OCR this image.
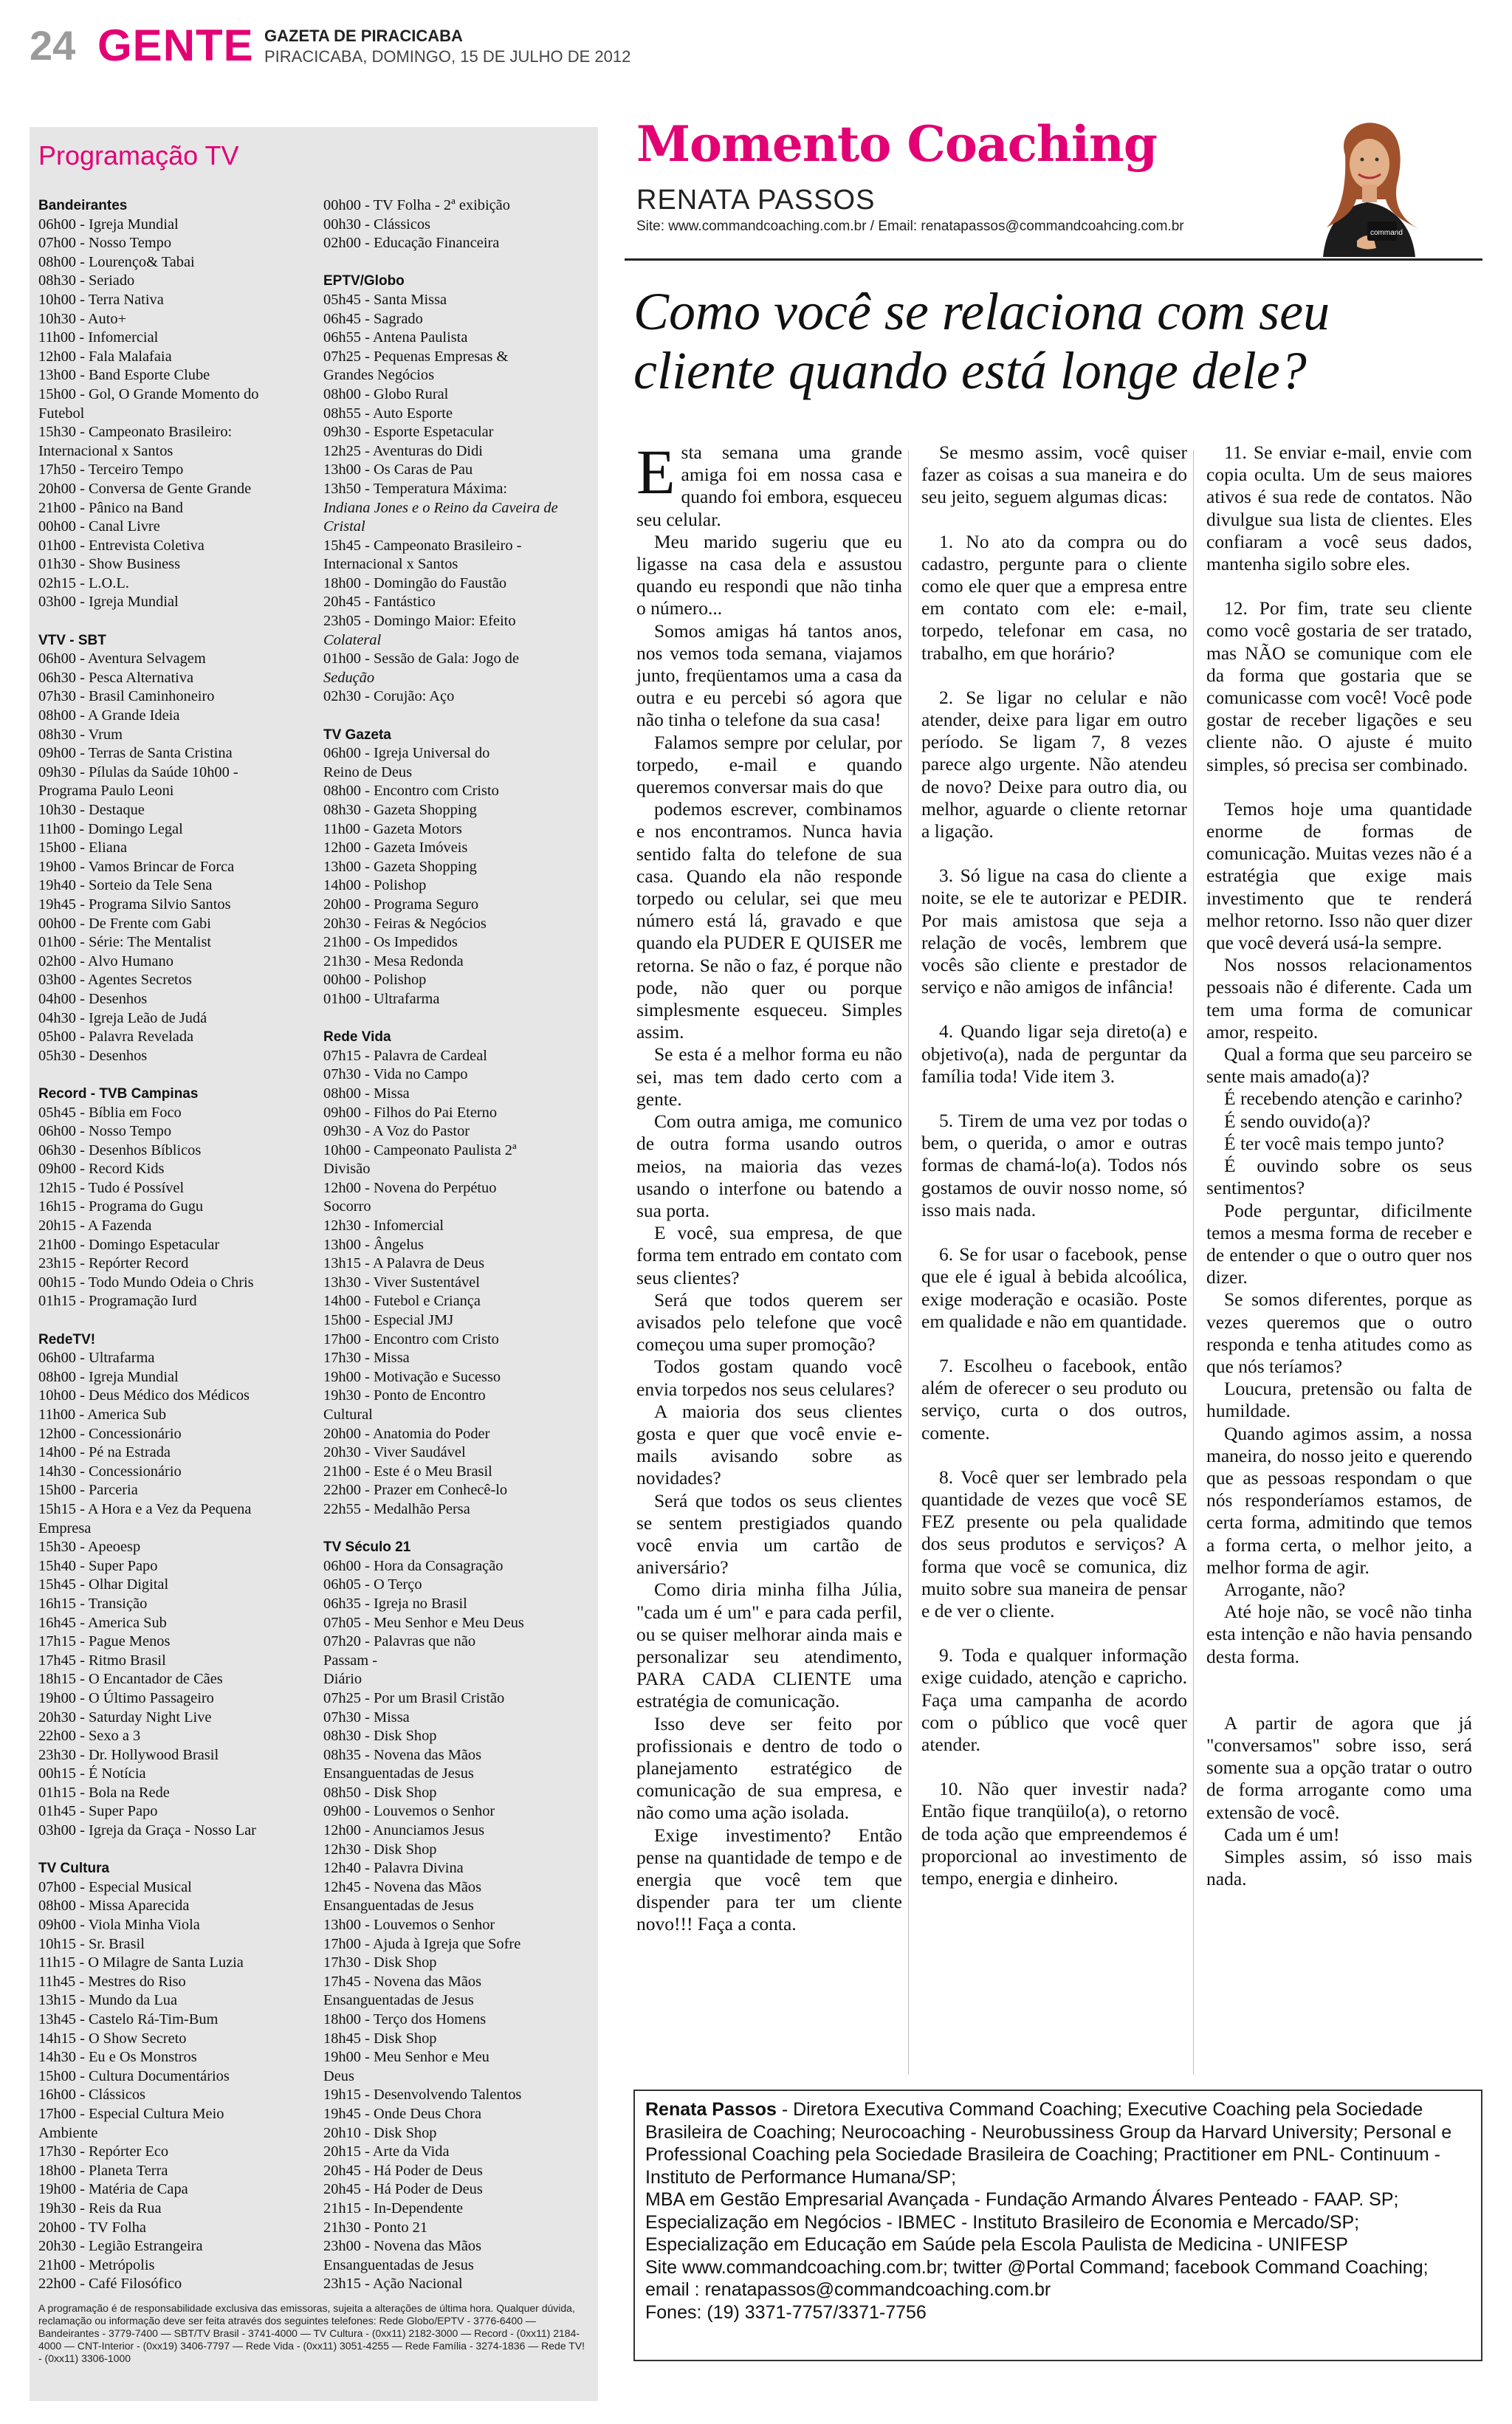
24 GENTE GAZETA DE PIRACICABA
PIRACICABA, DOMINGO, 15 DE JULHO DE 2012
Programação TV
Bandeirantes
06h00 - Igreja Mundial
07h00 - Nosso Tempo
08h00 - Lourenço& Tabai
08h30 - Seriado
10h00 - Terra Nativa
10h30 - Auto+
11h00 - Infomercial
12h00 - Fala Malafaia
13h00 - Band Esporte Clube
15h00 - Gol, O Grande Momento do
Futebol
15h30 - Campeonato Brasileiro:
Internacional x Santos
17h50 - Terceiro Tempo
20h00 - Conversa de Gente Grande
21h00 - Pânico na Band
00h00 - Canal Livre
01h00 - Entrevista Coletiva
01h30 - Show Business
02h15 - L.O.L.
03h00 - Igreja Mundial
VTV - SBT
06h00 - Aventura Selvagem
06h30 - Pesca Alternativa
07h30 - Brasil Caminhoneiro
08h00 - A Grande Ideia
08h30 - Vrum
09h00 - Terras de Santa Cristina
09h30 - Pílulas da Saúde 10h00 -
Programa Paulo Leoni
10h30 - Destaque
11h00 - Domingo Legal
15h00 - Eliana
19h00 - Vamos Brincar de Forca
19h40 - Sorteio da Tele Sena
19h45 - Programa Silvio Santos
00h00 - De Frente com Gabi
01h00 - Série: The Mentalist
02h00 - Alvo Humano
03h00 - Agentes Secretos
04h00 - Desenhos
04h30 - Igreja Leão de Judá
05h00 - Palavra Revelada
05h30 - Desenhos
Record - TVB Campinas
05h45 - Bíblia em Foco
06h00 - Nosso Tempo
06h30 - Desenhos Bíblicos
09h00 - Record Kids
12h15 - Tudo é Possível
16h15 - Programa do Gugu
20h15 - A Fazenda
21h00 - Domingo Espetacular
23h15 - Repórter Record
00h15 - Todo Mundo Odeia o Chris
01h15 - Programação Iurd
RedeTV!
06h00 - Ultrafarma
08h00 - Igreja Mundial
10h00 - Deus Médico dos Médicos
11h00 - America Sub
12h00 - Concessionário
14h00 - Pé na Estrada
14h30 - Concessionário
15h00 - Parceria
15h15 - A Hora e a Vez da Pequena
Empresa
15h30 - Apeoesp
15h40 - Super Papo
15h45 - Olhar Digital
16h15 - Transição
16h45 - America Sub
17h15 - Pague Menos
17h45 - Ritmo Brasil
18h15 - O Encantador de Cães
19h00 - O Último Passageiro
20h30 - Saturday Night Live
22h00 - Sexo a 3
23h30 - Dr. Hollywood Brasil
00h15 - É Notícia
01h15 - Bola na Rede
01h45 - Super Papo
03h00 - Igreja da Graça - Nosso Lar
TV Cultura
07h00 - Especial Musical
08h00 - Missa Aparecida
09h00 - Viola Minha Viola
10h15 - Sr. Brasil
11h15 - O Milagre de Santa Luzia
11h45 - Mestres do Riso
13h15 - Mundo da Lua
13h45 - Castelo Rá-Tim-Bum
14h15 - O Show Secreto
14h30 - Eu e Os Monstros
15h00 - Cultura Documentários
16h00 - Clássicos
17h00 - Especial Cultura Meio
Ambiente
17h30 - Repórter Eco
18h00 - Planeta Terra
19h00 - Matéria de Capa
19h30 - Reis da Rua
20h00 - TV Folha
20h30 - Legião Estrangeira
21h00 - Metrópolis
22h00 - Café Filosófico
00h00 - TV Folha - 2ª exibição
00h30 - Clássicos
02h00 - Educação Financeira
EPTV/Globo
05h45 - Santa Missa
06h45 - Sagrado
06h55 - Antena Paulista
07h25 - Pequenas Empresas &
Grandes Negócios
08h00 - Globo Rural
08h55 - Auto Esporte
09h30 - Esporte Espetacular
12h25 - Aventuras do Didi
13h00 - Os Caras de Pau
13h50 - Temperatura Máxima:
Indiana Jones e o Reino da Caveira de
Cristal
15h45 - Campeonato Brasileiro -
Internacional x Santos
18h00 - Domingão do Faustão
20h45 - Fantástico
23h05 - Domingo Maior: Efeito
Colateral
01h00 - Sessão de Gala: Jogo de
Sedução
02h30 - Corujão: Aço
TV Gazeta
06h00 - Igreja Universal do
Reino de Deus
08h00 - Encontro com Cristo
08h30 - Gazeta Shopping
11h00 - Gazeta Motors
12h00 - Gazeta Imóveis
13h00 - Gazeta Shopping
14h00 - Polishop
20h00 - Programa Seguro
20h30 - Feiras & Negócios
21h00 - Os Impedidos
21h30 - Mesa Redonda
00h00 - Polishop
01h00 - Ultrafarma
Rede Vida
07h15 - Palavra de Cardeal
07h30 - Vida no Campo
08h00 - Missa
09h00 - Filhos do Pai Eterno
09h30 - A Voz do Pastor
10h00 - Campeonato Paulista 2ª
Divisão
12h00 - Novena do Perpétuo
Socorro
12h30 - Infomercial
13h00 - Ângelus
13h15 - A Palavra de Deus
13h30 - Viver Sustentável
14h00 - Futebol e Criança
15h00 - Especial JMJ
17h00 - Encontro com Cristo
17h30 - Missa
19h00 - Motivação e Sucesso
19h30 - Ponto de Encontro
Cultural
20h00 - Anatomia do Poder
20h30 - Viver Saudável
21h00 - Este é o Meu Brasil
22h00 - Prazer em Conhecê-lo
22h55 - Medalhão Persa
TV Século 21
06h00 - Hora da Consagração
06h05 - O Terço
06h35 - Igreja no Brasil
07h05 - Meu Senhor e Meu Deus
07h20 - Palavras que não
Passam -
Diário
07h25 - Por um Brasil Cristão
07h30 - Missa
08h30 - Disk Shop
08h35 - Novena das Mãos
Ensanguentadas de Jesus
08h50 - Disk Shop
09h00 - Louvemos o Senhor
12h00 - Anunciamos Jesus
12h30 - Disk Shop
12h40 - Palavra Divina
12h45 - Novena das Mãos
Ensanguentadas de Jesus
13h00 - Louvemos o Senhor
17h00 - Ajuda à Igreja que Sofre
17h30 - Disk Shop
17h45 - Novena das Mãos
Ensanguentadas de Jesus
18h00 - Terço dos Homens
18h45 - Disk Shop
19h00 - Meu Senhor e Meu
Deus
19h15 - Desenvolvendo Talentos
19h45 - Onde Deus Chora
20h10 - Disk Shop
20h15 - Arte da Vida
20h45 - Há Poder de Deus
20h45 - Há Poder de Deus
21h15 - In-Dependente
21h30 - Ponto 21
23h00 - Novena das Mãos
Ensanguentadas de Jesus
23h15 - Ação Nacional
A programação é de responsabilidade exclusiva das emissoras, sujeita a alterações de última hora. Qualquer dúvida, reclamação ou informação deve ser feita através dos seguintes telefones: Rede Globo/EPTV - 3776-6400 — Bandeirantes - 3779-7400 — SBT/TV Brasil - 3741-4000 — TV Cultura - (0xx11) 2182-3000 — Record - (0xx11) 2184-4000 — CNT-Interior - (0xx19) 3406-7797 — Rede Vida - (0xx11) 3051-4255 — Rede Família - 3274-1836 — Rede TV! - (0xx11) 3306-1000
Momento Coaching
RENATA PASSOS
Site: www.commandcoaching.com.br / Email: renatapassos@commandcoahcing.com.br	command
Como você se relaciona com seu cliente quando está longe dele?

Esta semana uma grande amiga foi em nossa casa e quando foi embora, esqueceu seu celular.

Meu marido sugeriu que eu ligasse na casa dela e assustou quando eu respondi que não tinha o número...

Somos amigas há tantos anos, nos vemos toda semana, viajamos junto, freqüentamos uma a casa da outra e eu percebi só agora que não tinha o telefone da sua casa!

Falamos sempre por celular, por torpedo, e-mail e quando queremos conversar mais do que

podemos escrever, combinamos e nos encontramos. Nunca havia sentido falta do telefone de sua casa. Quando ela não responde torpedo ou celular, sei que meu número está lá, gravado e que quando ela PUDER E QUISER me retorna. Se não o faz, é porque não pode, não quer ou porque simplesmente esqueceu. Simples assim.

Se esta é a melhor forma eu não sei, mas tem dado certo com a gente.

Com outra amiga, me comunico de outra forma usando outros meios, na maioria das vezes usando o interfone ou batendo a sua porta.

E você, sua empresa, de que forma tem entrado em contato com seus clientes?

Será que todos querem ser avisados pelo telefone que você começou uma super promoção?

Todos gostam quando você envia torpedos nos seus celulares?

A maioria dos seus clientes gosta e quer que você envie e-mails avisando sobre as novidades?

Será que todos os seus clientes se sentem prestigiados quando você envia um cartão de aniversário?

Como diria minha filha Júlia, "cada um é um" e para cada perfil, ou se quiser melhorar ainda mais e personalizar seu atendimento, PARA CADA CLIENTE uma estratégia de comunicação.

Isso deve ser feito por profissionais e dentro de todo o planejamento estratégico de comunicação de sua empresa, e não como uma ação isolada.

Exige investimento? Então pense na quantidade de tempo e de energia que você tem que dispender para ter um cliente novo!!! Faça a conta.

Se mesmo assim, você quiser fazer as coisas a sua maneira e do seu jeito, seguem algumas dicas:

1. No ato da compra ou do cadastro, pergunte para o cliente como ele quer que a empresa entre em contato com ele: e-mail, torpedo, telefonar em casa, no trabalho, em que horário?

2. Se ligar no celular e não atender, deixe para ligar em outro período. Se ligam 7, 8 vezes parece algo urgente. Não atendeu de novo? Deixe para outro dia, ou melhor, aguarde o cliente retornar a ligação.

3. Só ligue na casa do cliente a noite, se ele te autorizar e PEDIR. Por mais amistosa que seja a relação de vocês, lembrem que vocês são cliente e prestador de serviço e não amigos de infância!

4. Quando ligar seja direto(a) e objetivo(a), nada de perguntar da família toda! Vide item 3.

5. Tirem de uma vez por todas o bem, o querida, o amor e outras formas de chamá-lo(a). Todos nós gostamos de ouvir nosso nome, só isso mais nada.

6. Se for usar o facebook, pense que ele é igual à bebida alcoólica, exige moderação e ocasião. Poste em qualidade e não em quantidade.

7. Escolheu o facebook, então além de oferecer o seu produto ou serviço, curta o dos outros, comente.

8. Você quer ser lembrado pela quantidade de vezes que você SE FEZ presente ou pela qualidade dos seus produtos e serviços? A forma que você se comunica, diz muito sobre sua maneira de pensar e de ver o cliente.

9. Toda e qualquer informação exige cuidado, atenção e capricho. Faça uma campanha de acordo com o público que você quer atender.

10. Não quer investir nada? Então fique tranqüilo(a), o retorno de toda ação que empreendemos é proporcional ao investimento de tempo, energia e dinheiro.

11. Se enviar e-mail, envie com copia oculta. Um de seus maiores ativos é sua rede de contatos. Não divulgue sua lista de clientes. Eles confiaram a você seus dados, mantenha sigilo sobre eles.

12. Por fim, trate seu cliente como você gostaria de ser tratado, mas NÃO se comunique com ele da forma que gostaria que se comunicasse com você! Você pode gostar de receber ligações e seu cliente não. O ajuste é muito simples, só precisa ser combinado.

Temos hoje uma quantidade enorme de formas de comunicação. Muitas vezes não é a estratégia que exige mais investimento que te renderá melhor retorno. Isso não quer dizer que você deverá usá-la sempre.

Nos nossos relacionamentos pessoais não é diferente. Cada um tem uma forma de comunicar amor, respeito.

Qual a forma que seu parceiro se sente mais amado(a)?

É recebendo atenção e carinho?

É sendo ouvido(a)?

É ter você mais tempo junto?

É ouvindo sobre os seus sentimentos?

Pode perguntar, dificilmente temos a mesma forma de receber e de entender o que o outro quer nos dizer.

Se somos diferentes, porque as vezes queremos que o outro responda e tenha atitudes como as que nós teríamos?

Loucura, pretensão ou falta de humildade.

Quando agimos assim, a nossa maneira, do nosso jeito e querendo que as pessoas respondam o que nós responderíamos estamos, de certa forma, admitindo que temos a forma certa, o melhor jeito, a melhor forma de agir.

Arrogante, não?

Até hoje não, se você não tinha esta intenção e não havia pensando desta forma.

A partir de agora que já "conversamos" sobre isso, será somente sua a opção tratar o outro de forma arrogante como uma extensão de você.

Cada um é um!

Simples assim, só isso mais nada.

Renata Passos - Diretora Executiva Command Coaching; Executive Coaching pela Sociedade Brasileira de Coaching; Neurocoaching - Neurobussiness Group da Harvard University; Personal e Professional Coaching pela Sociedade Brasileira de Coaching; Practitioner em PNL- Continuum - Instituto de Performance Humana/SP;
MBA em Gestão Empresarial Avançada - Fundação Armando Álvares Penteado - FAAP. SP; Especialização em Negócios - IBMEC - Instituto Brasileiro de Economia e Mercado/SP; Especialização em Educação em Saúde pela Escola Paulista de Medicina - UNIFESP
Site www.commandcoaching.com.br; twitter @Portal Command; facebook Command Coaching; email : renatapassos@commandcoaching.com.br
Fones: (19) 3371-7757/3371-7756
